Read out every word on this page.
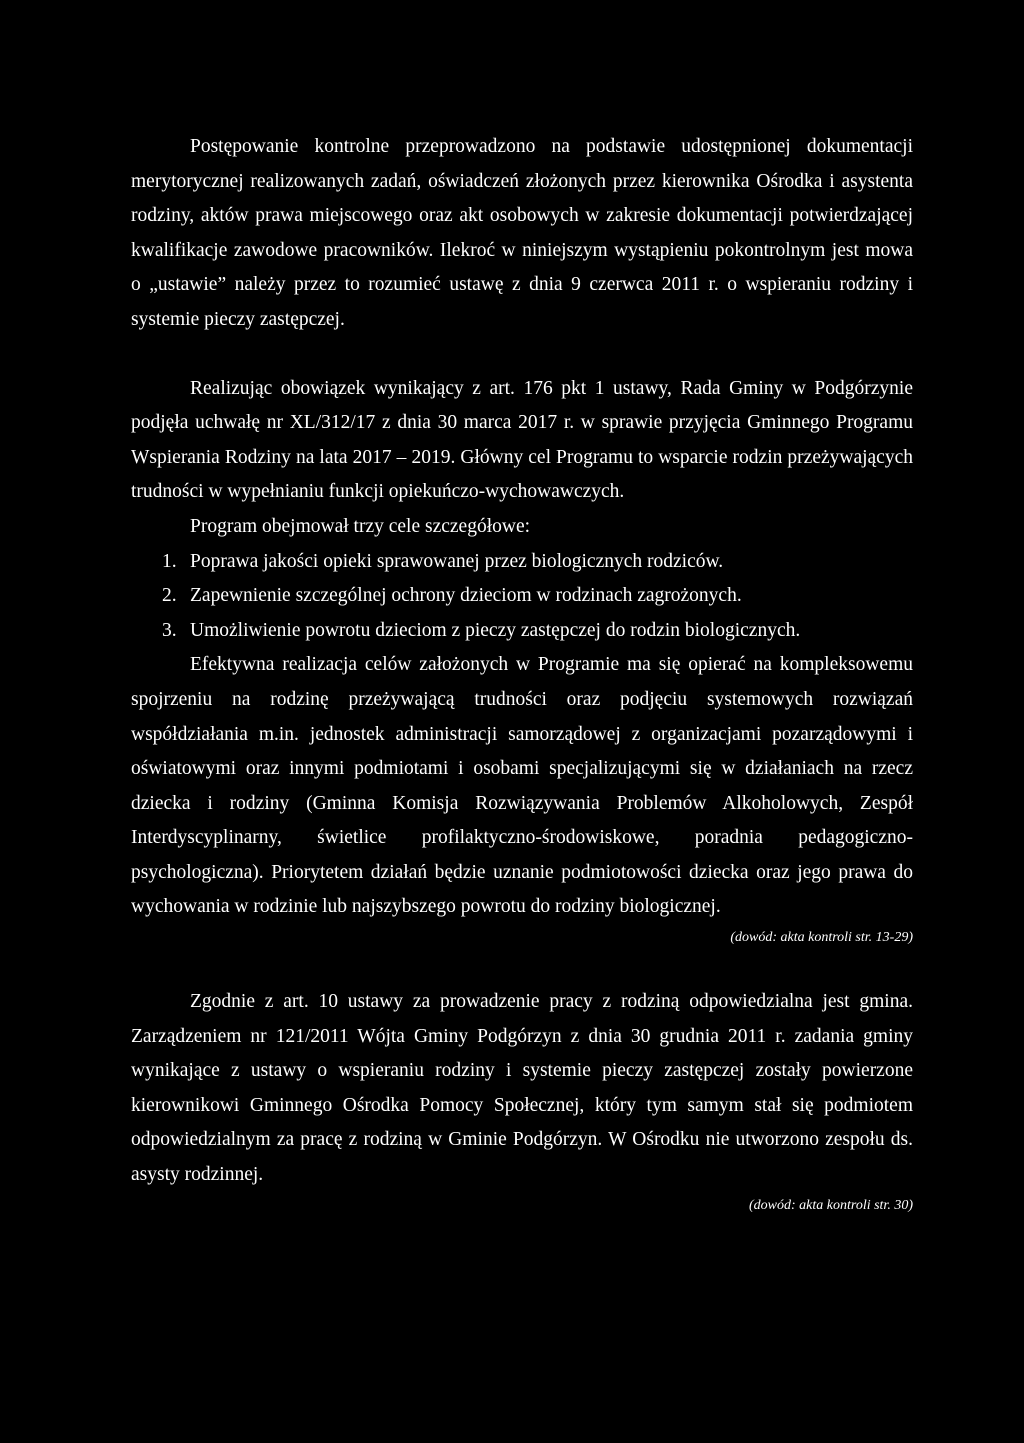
Postępowanie kontrolne przeprowadzono na podstawie udostępnionej dokumentacji merytorycznej realizowanych zadań, oświadczeń złożonych przez kierownika Ośrodka i asystenta rodziny, aktów prawa miejscowego oraz akt osobowych w zakresie dokumentacji potwierdzającej kwalifikacje zawodowe pracowników. Ilekroć w niniejszym wystąpieniu pokontrolnym jest mowa o „ustawie” należy przez to rozumieć ustawę z dnia 9 czerwca 2011 r. o wspieraniu rodziny i systemie pieczy zastępczej.

Realizując obowiązek wynikający z art. 176 pkt 1 ustawy, Rada Gminy w Podgórzynie podjęła uchwałę nr XL/312/17 z dnia 30 marca 2017 r. w sprawie przyjęcia Gminnego Programu Wspierania Rodziny na lata 2017 – 2019. Główny cel Programu to wsparcie rodzin przeżywających trudności w wypełnianiu funkcji opiekuńczo-wychowawczych.

Program obejmował trzy cele szczegółowe:

1. Poprawa jakości opieki sprawowanej przez biologicznych rodziców.
2. Zapewnienie szczególnej ochrony dzieciom w rodzinach zagrożonych.
3. Umożliwienie powrotu dzieciom z pieczy zastępczej do rodzin biologicznych.

Efektywna realizacja celów założonych w Programie ma się opierać na kompleksowemu spojrzeniu na rodzinę przeżywającą trudności oraz podjęciu systemowych rozwiązań współdziałania m.in. jednostek administracji samorządowej z organizacjami pozarządowymi i oświatowymi oraz innymi podmiotami i osobami specjalizującymi się w działaniach na rzecz dziecka i rodziny (Gminna Komisja Rozwiązywania Problemów Alkoholowych, Zespół Interdyscyplinarny, świetlice profilaktyczno-środowiskowe, poradnia pedagogiczno-psychologiczna). Priorytetem działań będzie uznanie podmiotowości dziecka oraz jego prawa do wychowania w rodzinie lub najszybszego powrotu do rodziny biologicznej.

(dowód: akta kontroli str. 13-29)

Zgodnie z art. 10 ustawy za prowadzenie pracy z rodziną odpowiedzialna jest gmina. Zarządzeniem nr 121/2011 Wójta Gminy Podgórzyn z dnia 30 grudnia 2011 r. zadania gminy wynikające z ustawy o wspieraniu rodziny i systemie pieczy zastępczej zostały powierzone kierownikowi Gminnego Ośrodka Pomocy Społecznej, który tym samym stał się podmiotem odpowiedzialnym za pracę z rodziną w Gminie Podgórzyn. W Ośrodku nie utworzono zespołu ds. asysty rodzinnej.

(dowód: akta kontroli str. 30)
